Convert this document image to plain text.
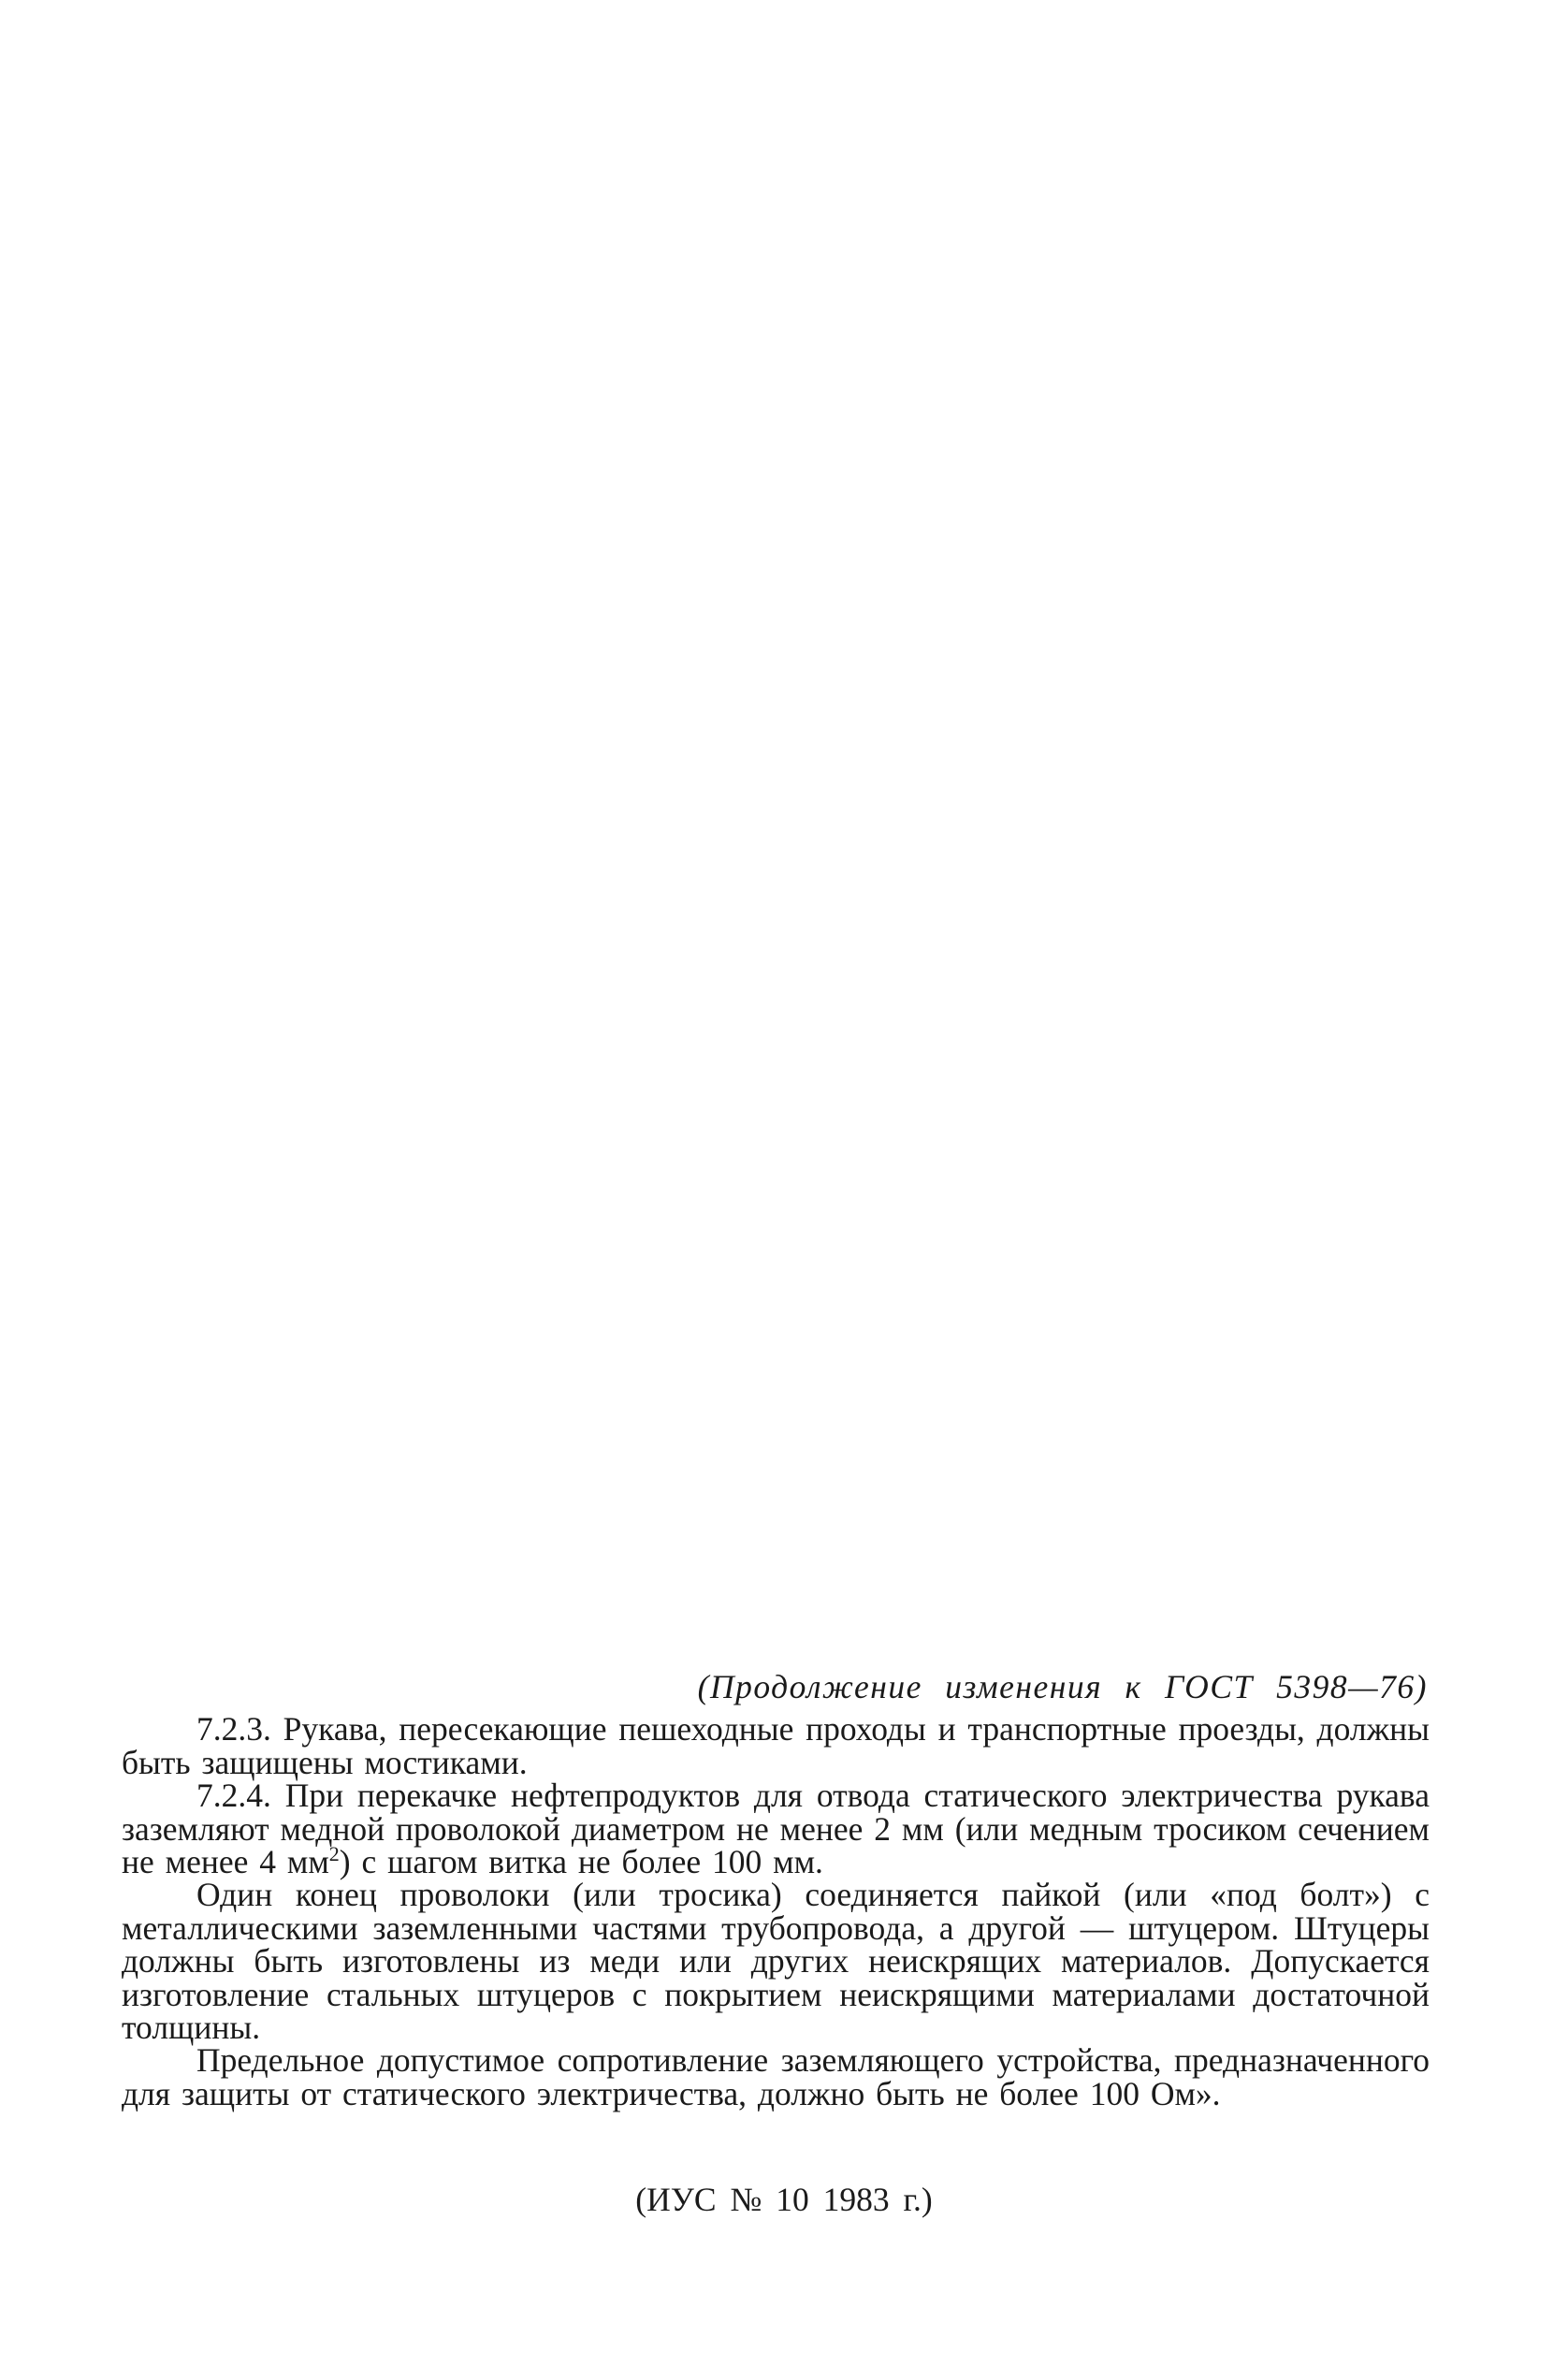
(Продолжение изменения к ГОСТ 5398—76)

7.2.3. Рукава, пересекающие пешеходные проходы и транспортные проезды, должны быть защищены мостиками.

7.2.4. При перекачке нефтепродуктов для отвода статического электричества рукава заземляют медной проволокой диаметром не менее 2 мм (или медным тросиком сечением не менее 4 $мм^2$) с шагом витка не более 100 мм.

Один конец проволоки (или тросика) соединяется пайкой (или «под болт») с металлическими заземленными частями трубопровода, а другой — штуцером. Штуцеры должны быть изготовлены из меди или других неискрящих материалов. Допускается изготовление стальных штуцеров с покрытием неискрящими материалами достаточной толщины.

Предельное допустимое сопротивление заземляющего устройства, предназначенного для защиты от статического электричества, должно быть не более 100 Ом».

(ИУС № 10 1983 г.)
